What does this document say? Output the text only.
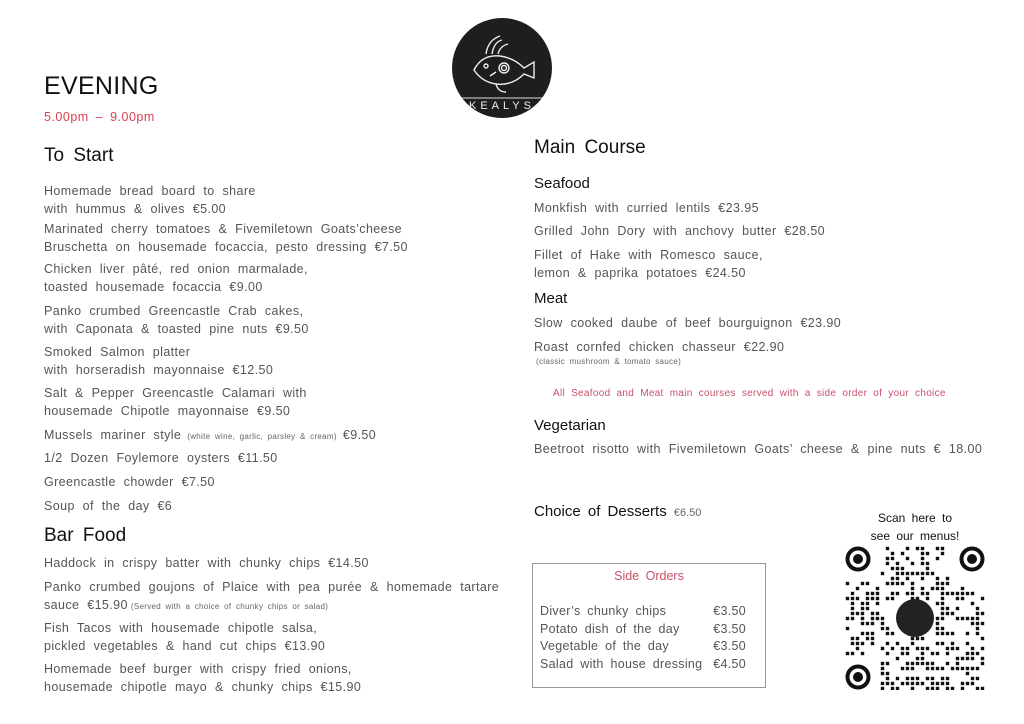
KEALYS
EVENING
5.00pm – 9.00pm
To Start
Homemade bread board to share
with hummus & olives €5.00
Marinated cherry tomatoes & Fivemiletown Goats’cheese
Bruschetta on housemade focaccia, pesto dressing €7.50
Chicken liver pâté, red onion marmalade,
toasted housemade focaccia €9.00
Panko crumbed Greencastle Crab cakes,
with Caponata & toasted pine nuts €9.50
Smoked Salmon platter
with horseradish mayonnaise €12.50
Salt & Pepper Greencastle Calamari with
housemade Chipotle mayonnaise €9.50
Mussels mariner style (white wine, garlic, parsley & cream) €9.50
1/2 Dozen Foylemore oysters €11.50
Greencastle chowder €7.50
Soup of the day €6
Bar Food
Haddock in crispy batter with chunky chips €14.50
Panko crumbed goujons of Plaice with pea purée & homemade tartare
sauce €15.90 (Served with a choice of chunky chips or salad)
Fish Tacos with housemade chipotle salsa,
pickled vegetables & hand cut chips €13.90
Homemade beef burger with crispy fried onions,
housemade chipotle mayo & chunky chips €15.90
Main Course
Seafood
Meat
(classic mushroom & tomato sauce)
All Seafood and Meat main courses served with a side order of your choice
Vegetarian
Monkfish with curried lentils €23.95
Grilled John Dory with anchovy butter €28.50
Fillet of Hake with Romesco sauce,
lemon & paprika potatoes €24.50
Slow cooked daube of beef bourguignon €23.90
Roast cornfed chicken chasseur €22.90
Beetroot risotto with Fivemiletown Goats’ cheese & pine nuts € 18.00
Choice of Desserts €6.50
Side Orders
Diver’s chunky chips	€3.50
Potato dish of the day	€3.50
Vegetable of the day	€3.50
Salad with house dressing €4.50
Scan here to
see our menus!
